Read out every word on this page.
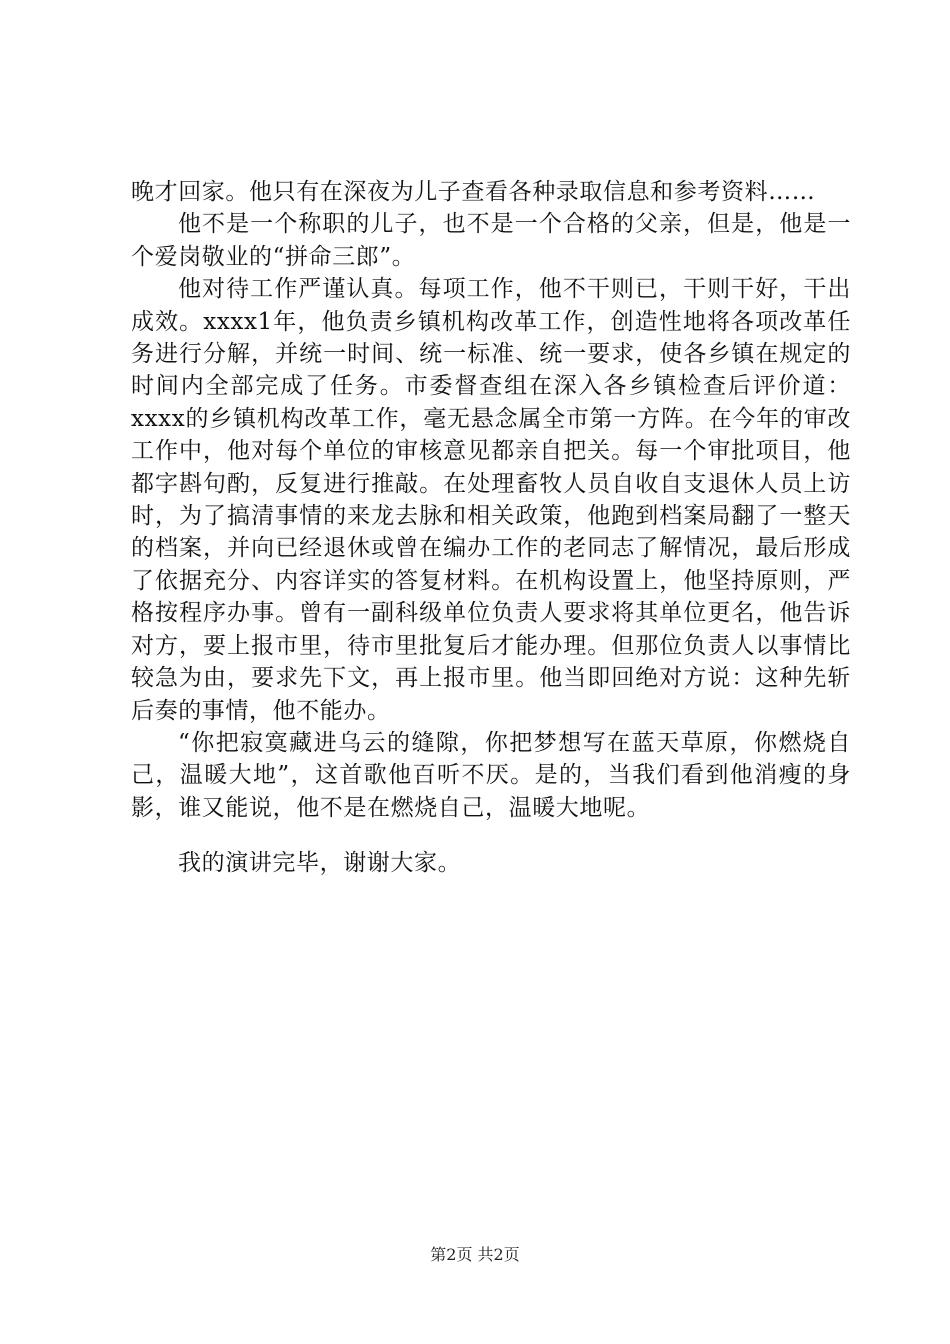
晚才回家。他只有在深夜为儿子查看各种录取信息和参考资料……

他不是一个称职的儿子，也不是一个合格的父亲，但是，他是一个爱岗敬业的“拼命三郎”。

他对待工作严谨认真。每项工作，他不干则已，干则干好，干出成效。xxxx1年，他负责乡镇机构改革工作，创造性地将各项改革任务进行分解，并统一时间、统一标准、统一要求，使各乡镇在规定的时间内全部完成了任务。市委督查组在深入各乡镇检查后评价道：xxxx的乡镇机构改革工作，毫无悬念属全市第一方阵。在今年的审改工作中，他对每个单位的审核意见都亲自把关。每一个审批项目，他都字斟句酌，反复进行推敲。在处理畜牧人员自收自支退休人员上访时，为了搞清事情的来龙去脉和相关政策，他跑到档案局翻了一整天的档案，并向已经退休或曾在编办工作的老同志了解情况，最后形成了依据充分、内容详实的答复材料。在机构设置上，他坚持原则，严格按程序办事。曾有一副科级单位负责人要求将其单位更名，他告诉对方，要上报市里，待市里批复后才能办理。但那位负责人以事情比较急为由，要求先下文，再上报市里。他当即回绝对方说：这种先斩后奏的事情，他不能办。

“你把寂寞藏进乌云的缝隙，你把梦想写在蓝天草原，你燃烧自己，温暖大地”，这首歌他百听不厌。是的，当我们看到他消瘦的身影，谁又能说，他不是在燃烧自己，温暖大地呢。

我的演讲完毕，谢谢大家。

第2页 共2页
